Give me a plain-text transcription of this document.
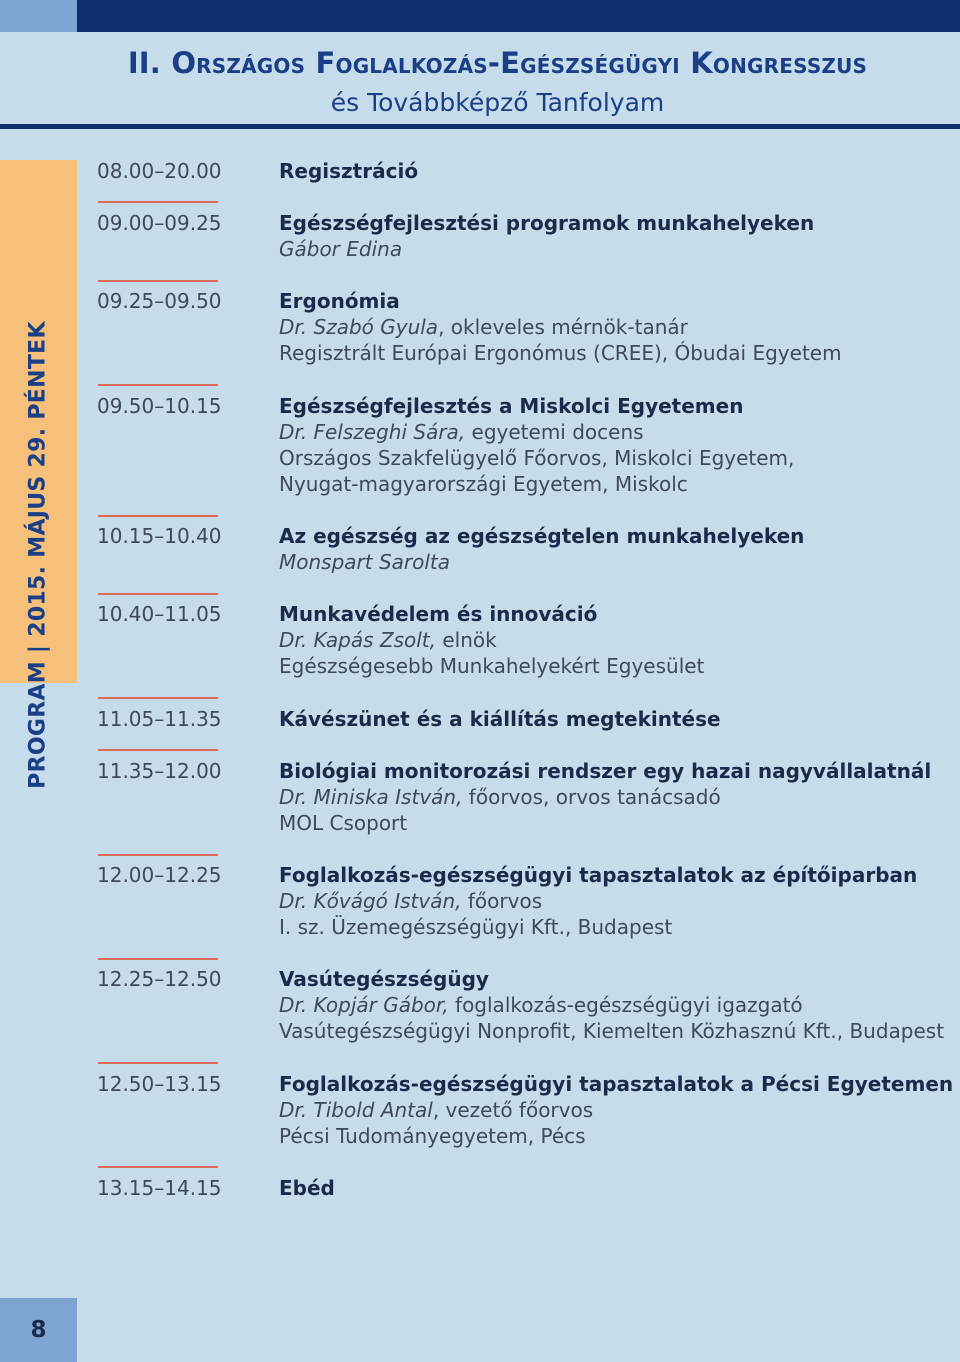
II. Országos Foglalkozás-Egészségügyi Kongresszus
és Továbbképző Tanfolyam
PROGRAM | 2015. MÁJUS 29. PÉNTEK
8
08.00–20.00	Regisztráció
09.00–09.25	Egészségfejlesztési programok munkahelyeken
Gábor Edina
09.25–09.50	Ergonómia
Dr. Szabó Gyula, okleveles mérnök-tanár
Regisztrált Európai Ergonómus (CREE), Óbudai Egyetem
09.50–10.15	Egészségfejlesztés a Miskolci Egyetemen
Dr. Felszeghi Sára, egyetemi docens
Országos Szakfelügyelő Főorvos, Miskolci Egyetem,
Nyugat-magyarországi Egyetem, Miskolc
10.15–10.40	Az egészség az egészségtelen munkahelyeken
Monspart Sarolta
10.40–11.05	Munkavédelem és innováció
Dr. Kapás Zsolt, elnök
Egészségesebb Munkahelyekért Egyesület
11.05–11.35	Kávészünet és a kiállítás megtekintése
11.35–12.00	Biológiai monitorozási rendszer egy hazai nagyvállalatnál
Dr. Miniska István, főorvos, orvos tanácsadó
MOL Csoport
12.00–12.25	Foglalkozás-egészségügyi tapasztalatok az építőiparban
Dr. Kővágó István, főorvos
I. sz. Üzemegészségügyi Kft., Budapest
12.25–12.50	Vasútegészségügy
Dr. Kopjár Gábor, foglalkozás-egészségügyi igazgató
Vasútegészségügyi Nonprofit, Kiemelten Közhasznú Kft., Budapest
12.50–13.15	Foglalkozás-egészségügyi tapasztalatok a Pécsi Egyetemen
Dr. Tibold Antal, vezető főorvos
Pécsi Tudományegyetem, Pécs
13.15–14.15	Ebéd
